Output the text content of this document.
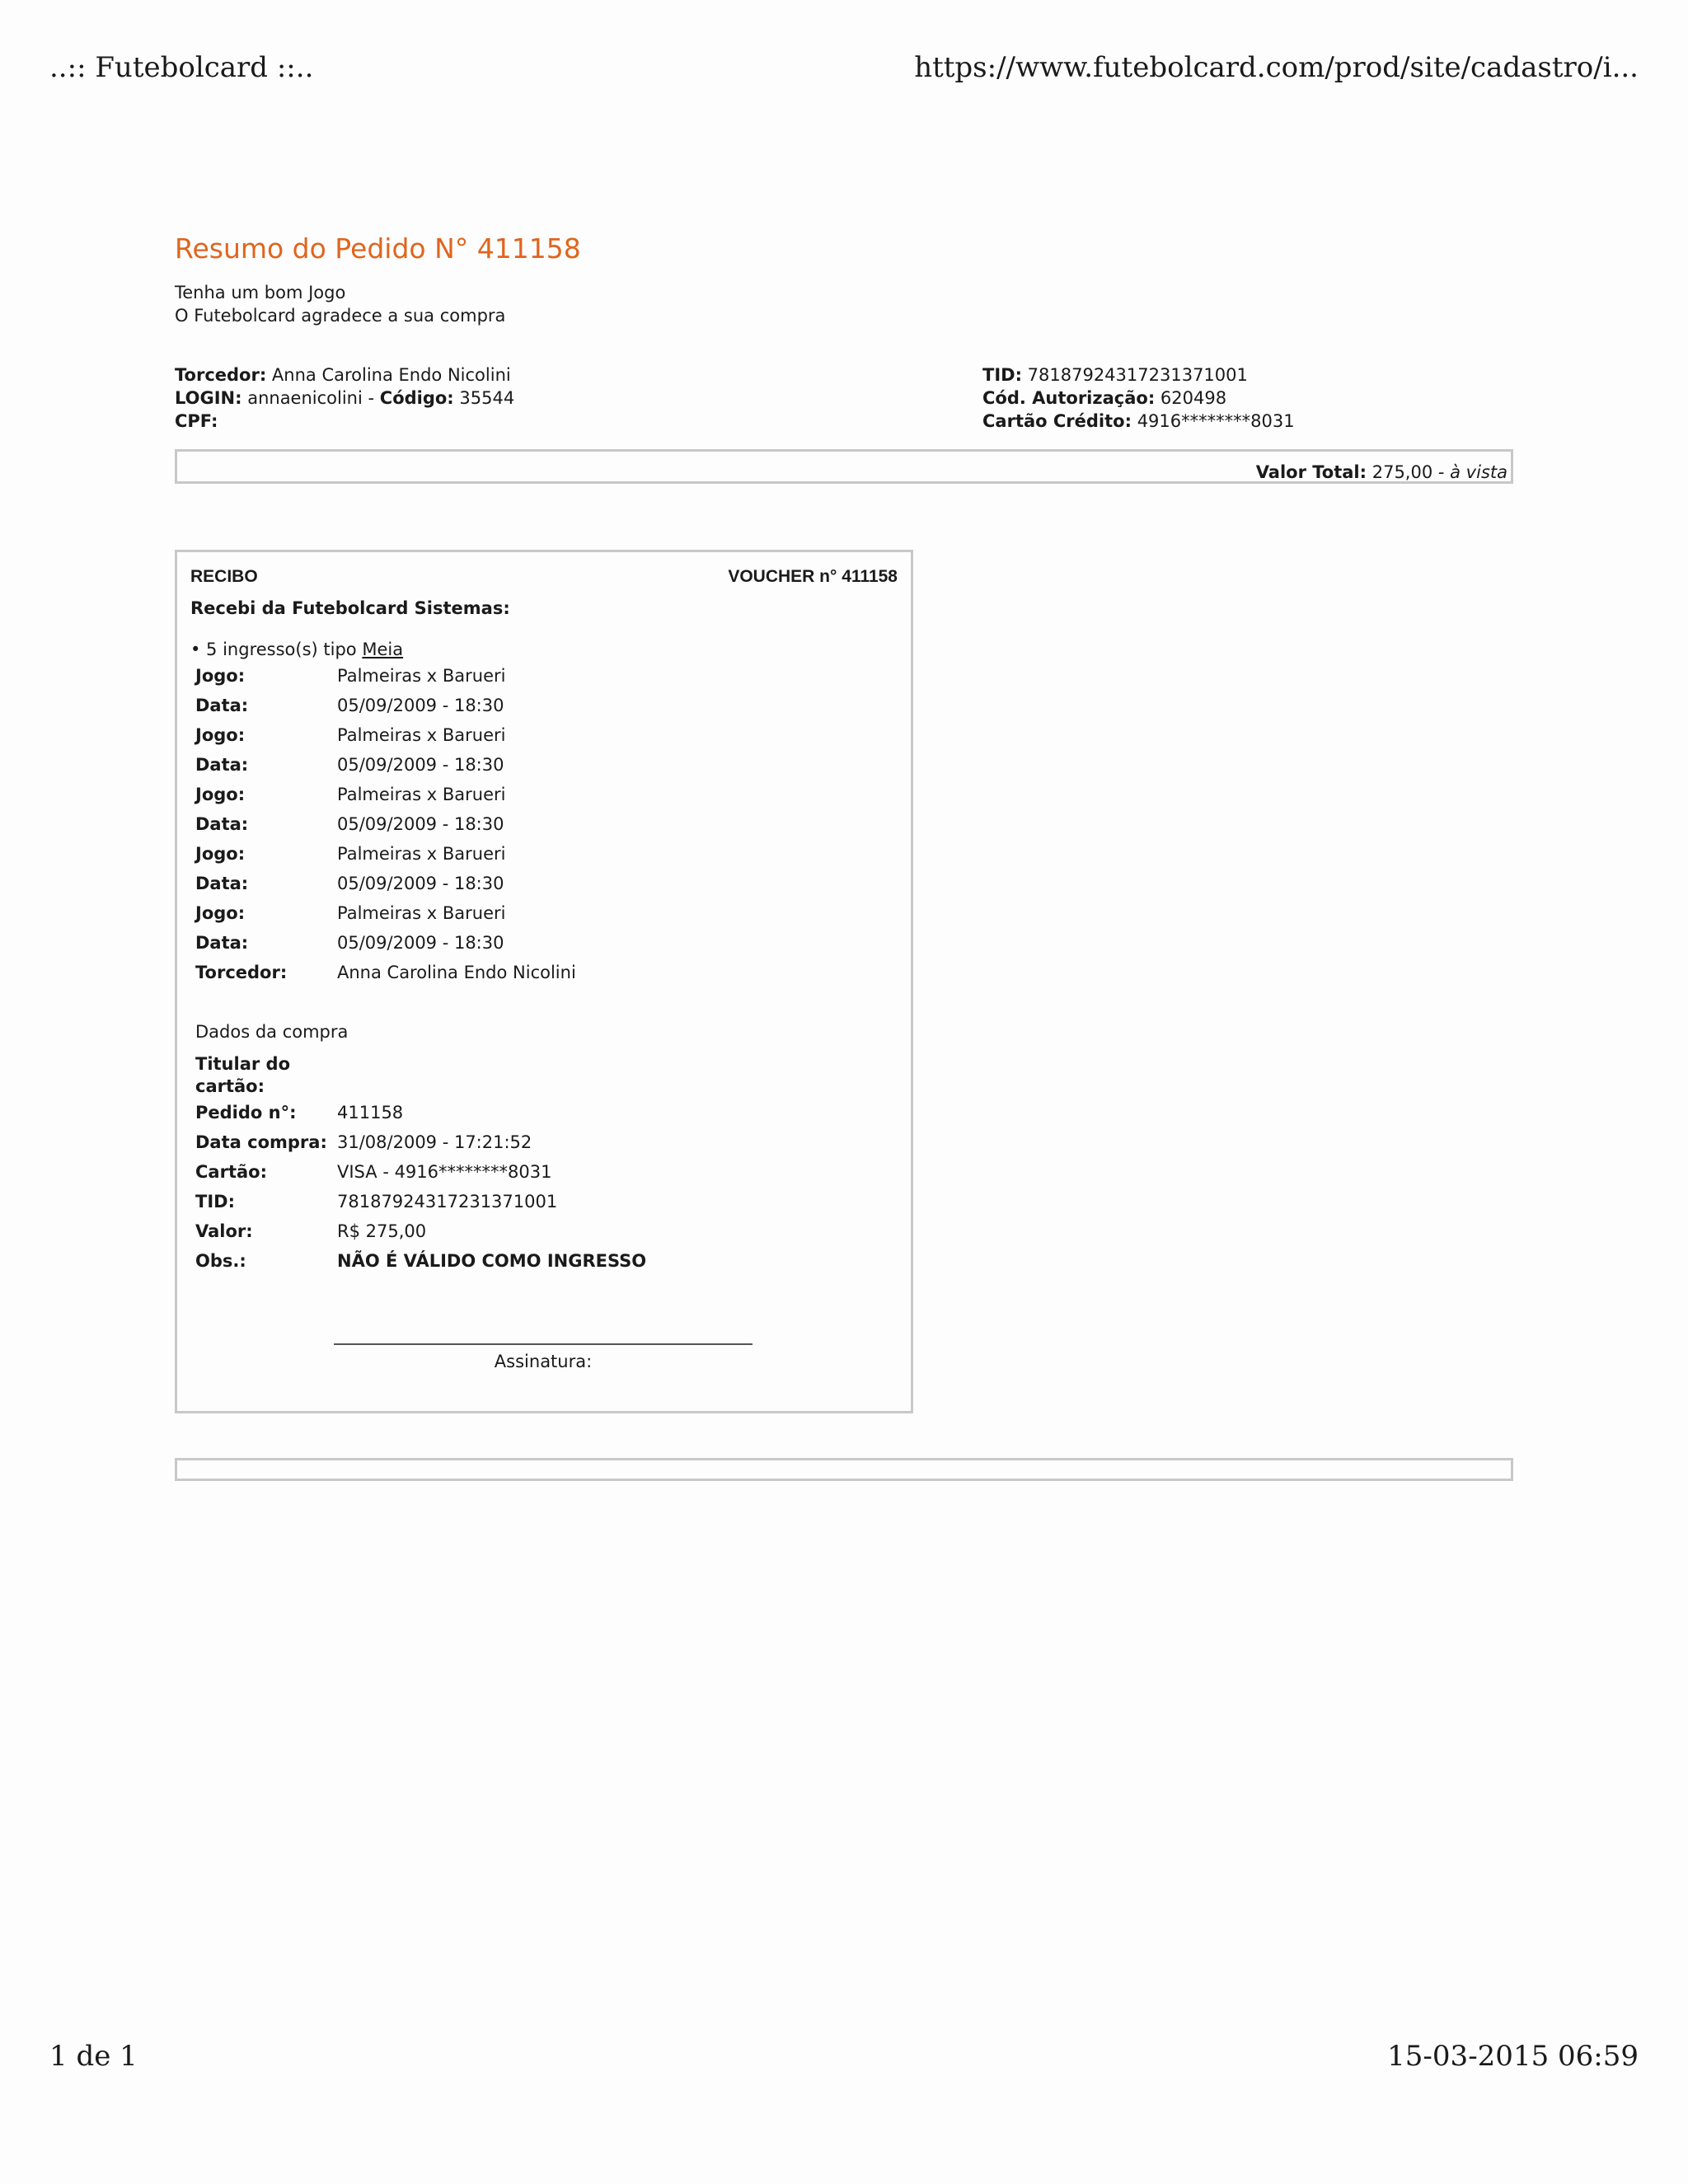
..:: Futebolcard ::..	https://www.futebolcard.com/prod/site/cadastro/i...
Resumo do Pedido N° 411158
Tenha um bom Jogo
O Futebolcard agradece a sua compra
Torcedor: Anna Carolina Endo Nicolini
LOGIN: annaenicolini - Código: 35544
CPF:
TID: 78187924317231371001
Cód. Autorização: 620498
Cartão Crédito: 4916********8031
Valor Total: 275,00 - à vista
RECIBO	VOUCHER n° 411158
Recebi da Futebolcard Sistemas:
• 5 ingresso(s) tipo Meia
Jogo:	Palmeiras x Barueri
Data:	05/09/2009 - 18:30
Jogo:	Palmeiras x Barueri
Data:	05/09/2009 - 18:30
Jogo:	Palmeiras x Barueri
Data:	05/09/2009 - 18:30
Jogo:	Palmeiras x Barueri
Data:	05/09/2009 - 18:30
Jogo:	Palmeiras x Barueri
Data:	05/09/2009 - 18:30
Torcedor:	Anna Carolina Endo Nicolini
Dados da compra
Titular do
cartão:
Pedido n°:	411158
Data compra: 31/08/2009 - 17:21:52
Cartão:	VISA - 4916********8031
TID:	78187924317231371001
Valor:	R$ 275,00
Obs.:	NÃO É VÁLIDO COMO INGRESSO
Assinatura:
1 de 1	15-03-2015 06:59
